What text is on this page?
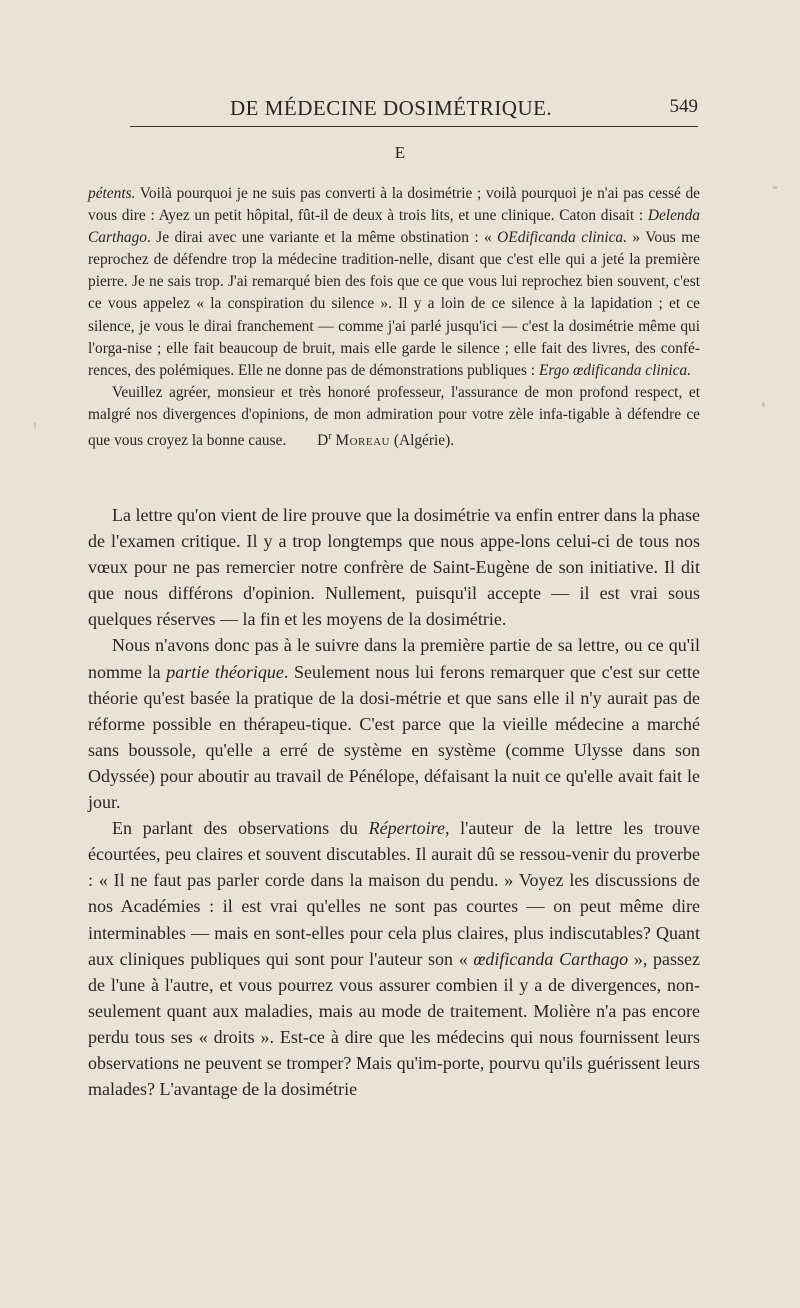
DE MÉDECINE DOSIMÉTRIQUE.	549
E

pétents. Voilà pourquoi je ne suis pas converti à la dosimétrie ; voilà pourquoi je n'ai pas cessé de vous dire : Ayez un petit hôpital, fût-il de deux à trois lits, et une clinique. Caton disait : Delenda Carthago. Je dirai avec une variante et la même obstination : « OEdificanda clinica. » Vous me reprochez de défendre trop la médecine tradition-nelle, disant que c'est elle qui a jeté la première pierre. Je ne sais trop. J'ai remarqué bien des fois que ce que vous lui reprochez bien souvent, c'est ce vous appelez « la conspiration du silence ». Il y a loin de ce silence à la lapidation ; et ce silence, je vous le dirai franchement — comme j'ai parlé jusqu'ici — c'est la dosimétrie même qui l'orga-nise ; elle fait beaucoup de bruit, mais elle garde le silence ; elle fait des livres, des confé-rences, des polémiques. Elle ne donne pas de démonstrations publiques : Ergo œdificanda clinica.

Veuillez agréer, monsieur et très honoré professeur, l'assurance de mon profond respect, et malgré nos divergences d'opinions, de mon admiration pour votre zèle infa-tigable à défendre ce que vous croyez la bonne cause. $D^r$ Moreau (Algérie).

La lettre qu'on vient de lire prouve que la dosimétrie va enfin entrer dans la phase de l'examen critique. Il y a trop longtemps que nous appe-lons celui-ci de tous nos vœux pour ne pas remercier notre confrère de Saint-Eugène de son initiative. Il dit que nous différons d'opinion. Nullement, puisqu'il accepte — il est vrai sous quelques réserves — la fin et les moyens de la dosimétrie.

Nous n'avons donc pas à le suivre dans la première partie de sa lettre, ou ce qu'il nomme la partie théorique. Seulement nous lui ferons remarquer que c'est sur cette théorie qu'est basée la pratique de la dosi-métrie et que sans elle il n'y aurait pas de réforme possible en thérapeu-tique. C'est parce que la vieille médecine a marché sans boussole, qu'elle a erré de système en système (comme Ulysse dans son Odyssée) pour aboutir au travail de Pénélope, défaisant la nuit ce qu'elle avait fait le jour.

En parlant des observations du Répertoire, l'auteur de la lettre les trouve écourtées, peu claires et souvent discutables. Il aurait dû se ressou-venir du proverbe : « Il ne faut pas parler corde dans la maison du pendu. » Voyez les discussions de nos Académies : il est vrai qu'elles ne sont pas courtes — on peut même dire interminables — mais en sont-elles pour cela plus claires, plus indiscutables? Quant aux cliniques publiques qui sont pour l'auteur son « œdificanda Carthago », passez de l'une à l'autre, et vous pourrez vous assurer combien il y a de divergences, non-seulement quant aux maladies, mais au mode de traitement. Molière n'a pas encore perdu tous ses « droits ». Est-ce à dire que les médecins qui nous fournissent leurs observations ne peuvent se tromper? Mais qu'im-porte, pourvu qu'ils guérissent leurs malades? L'avantage de la dosimétrie
